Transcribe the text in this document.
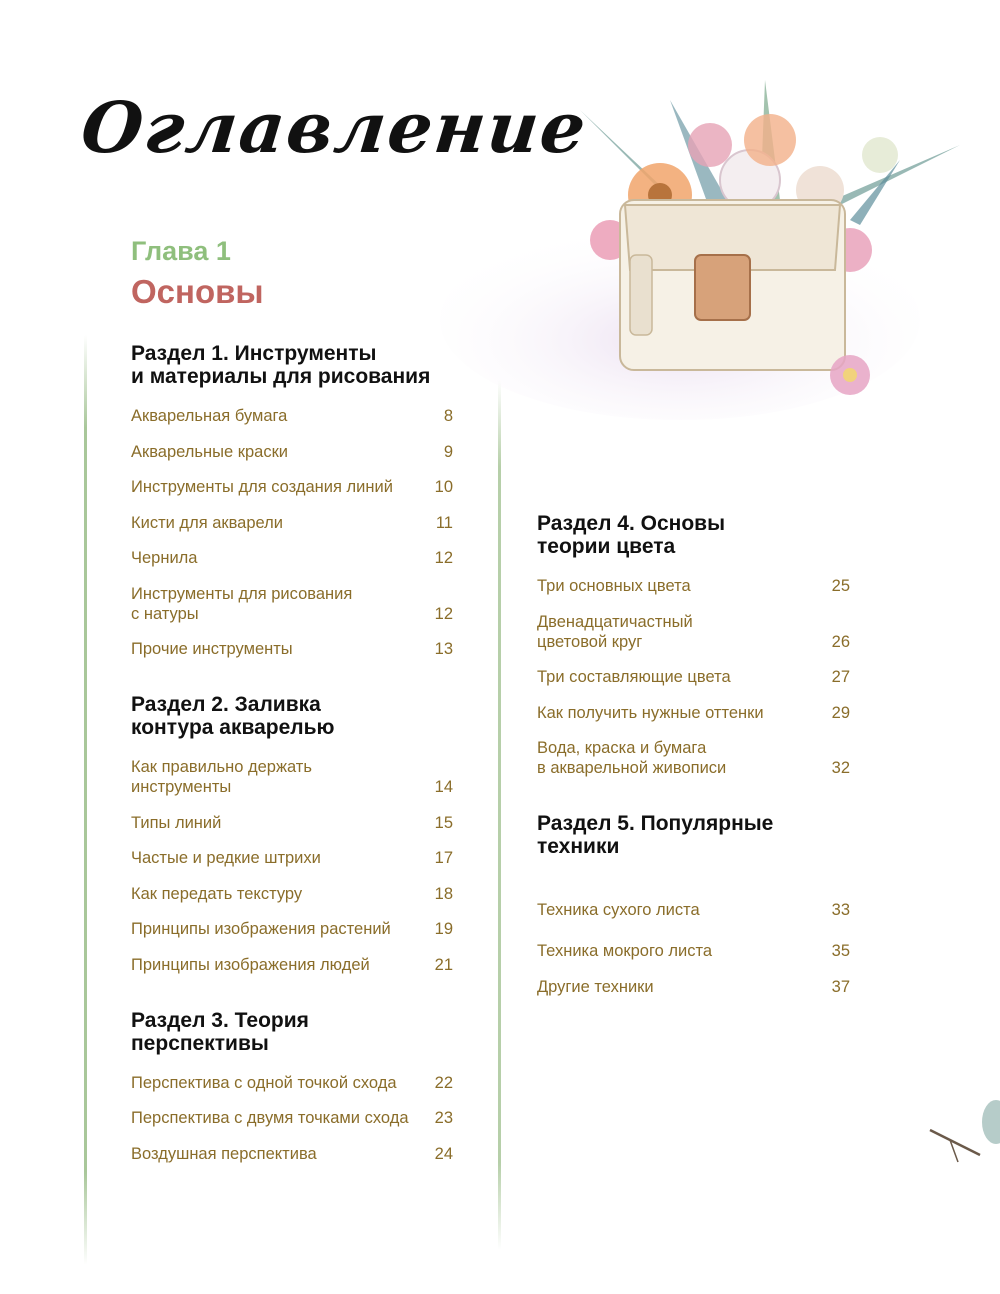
Оглавление
Глава 1
Основы
Раздел 1. Инструменты
и материалы для рисования
Акварельная бумага	8
Акварельные краски	9
Инструменты для создания линий	10
Кисти для акварели	11
Чернила	12
Инструменты для рисования
с натуры	12
Прочие инструменты	13
Раздел 2. Заливка
контура акварелью
Как правильно держать
инструменты	14
Типы линий	15
Частые и редкие штрихи	17
Как передать текстуру	18
Принципы изображения растений	19
Принципы изображения людей	21
Раздел 3. Теория
перспективы
Перспектива с одной точкой схода	22
Перспектива с двумя точками схода	23
Воздушная перспектива	24
Раздел 4. Основы
теории цвета
Три основных цвета	25
Двенадцатичастный
цветовой круг	26
Три составляющие цвета	27
Как получить нужные оттенки	29
Вода, краска и бумага
в акварельной живописи	32
Раздел 5. Популярные
техники
Техника сухого листа	33
Техника мокрого листа	35
Другие техники	37
